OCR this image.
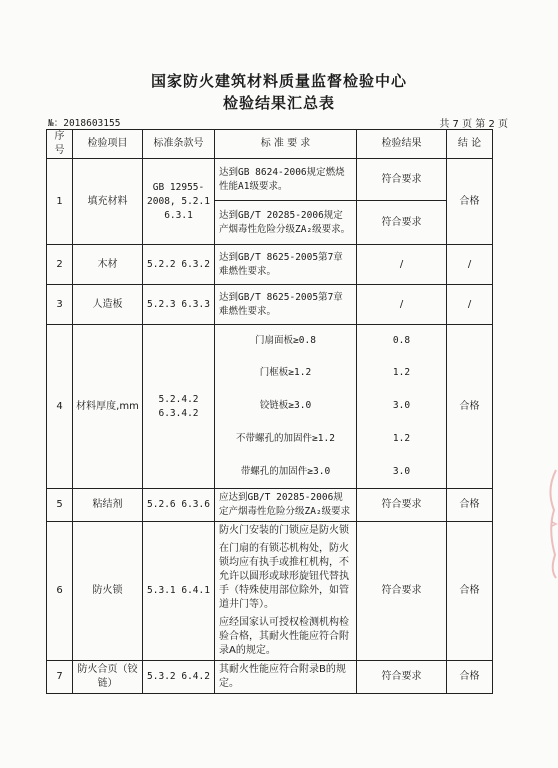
国家防火建筑材料质量监督检验中心
检验结果汇总表
№：2018603155	共 7 页 第 2 页
序号	检验项目	标准条款号	标 准 要 求	检验结果	结 论
1	填充材料	GB 12955-2008, 5.2.1 6.3.1	达到GB 8624-2006规定燃烧性能A1级要求。	符合要求	合格
			达到GB/T 20285-2006规定产烟毒性危险分级ZA₂级要求。	符合要求	
2	木材	5.2.2 6.3.2	达到GB/T 8625-2005第7章难燃性要求。	/	/
3	人造板	5.2.3 6.3.3	达到GB/T 8625-2005第7章难燃性要求。	/	/
4	材料厚度,mm	5.2.4.2 6.3.4.2	门扇面板≥0.8	0.8	合格
			门框板≥1.2	1.2	
			铰链板≥3.0	3.0	
			不带螺孔的加固件≥1.2	1.2	
			带螺孔的加固件≥3.0	3.0	
5	粘结剂	5.2.6 6.3.6	应达到GB/T 20285-2006规定产烟毒性危险分级ZA₂级要求	符合要求	合格
6	防火锁	5.3.1 6.4.1	防火门安装的门锁应是防火锁
在门扇的有锁芯机构处，防火锁均应有执手或推杠机构，不允许以圆形或球形旋钮代替执手（特殊使用部位除外，如管道井门等）。
应经国家认可授权检测机构检验合格，其耐火性能应符合附录A的规定。	符合要求	合格
7	防火合页（铰链）	5.3.2 6.4.2	其耐火性能应符合附录B的规定。	符合要求	合格
